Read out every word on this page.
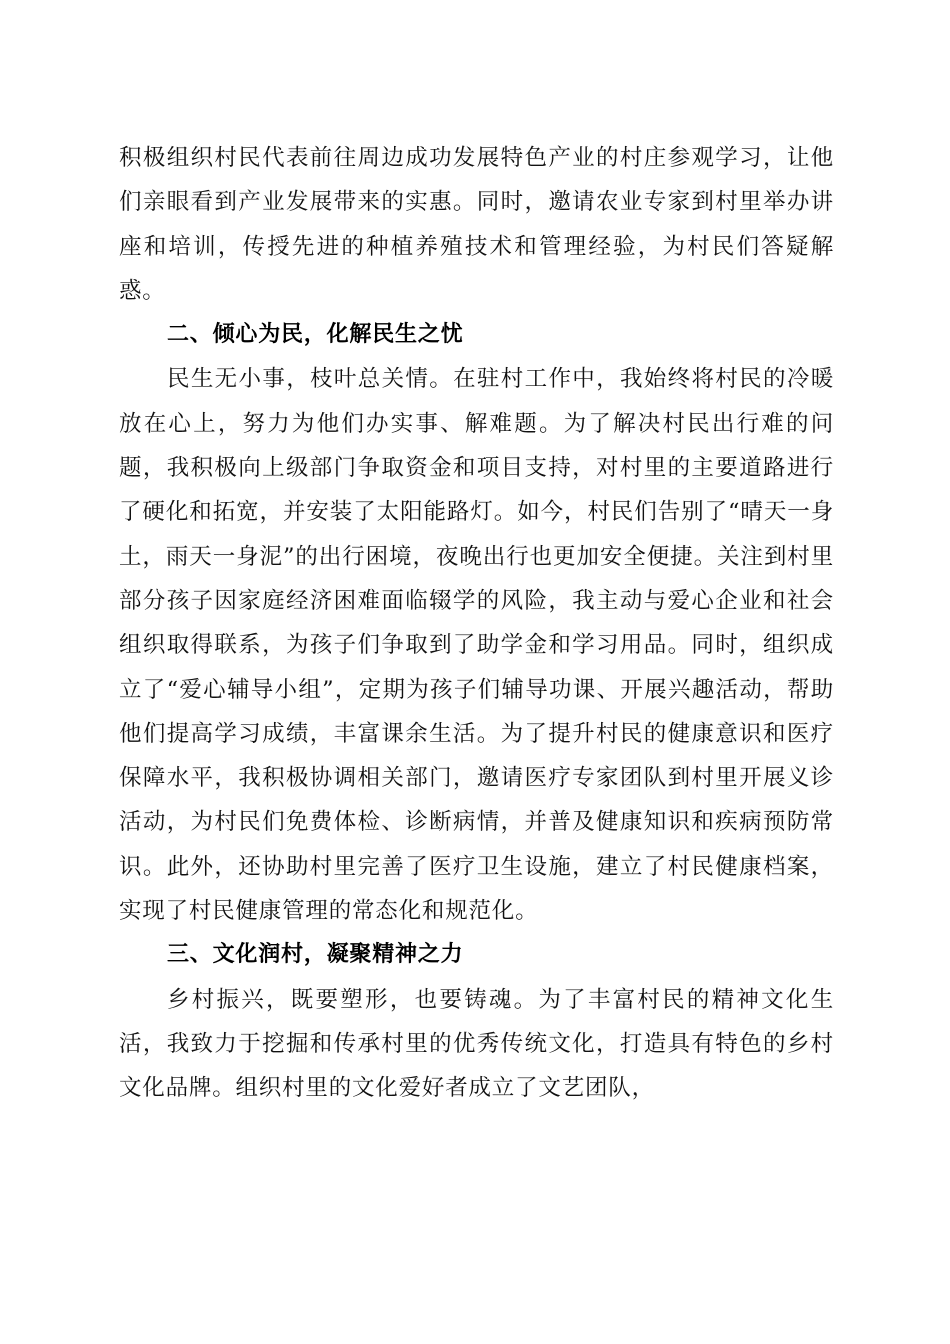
积极组织村民代表前往周边成功发展特色产业的村庄参观学习，让他们亲眼看到产业发展带来的实惠。同时，邀请农业专家到村里举办讲座和培训，传授先进的种植养殖技术和管理经验，为村民们答疑解惑。

二、倾心为民，化解民生之忧

民生无小事，枝叶总关情。在驻村工作中，我始终将村民的冷暖放在心上，努力为他们办实事、解难题。为了解决村民出行难的问题，我积极向上级部门争取资金和项目支持，对村里的主要道路进行了硬化和拓宽，并安装了太阳能路灯。如今，村民们告别了“晴天一身土，雨天一身泥”的出行困境，夜晚出行也更加安全便捷。关注到村里部分孩子因家庭经济困难面临辍学的风险，我主动与爱心企业和社会组织取得联系，为孩子们争取到了助学金和学习用品。同时，组织成立了“爱心辅导小组”，定期为孩子们辅导功课、开展兴趣活动，帮助他们提高学习成绩，丰富课余生活。为了提升村民的健康意识和医疗保障水平，我积极协调相关部门，邀请医疗专家团队到村里开展义诊活动，为村民们免费体检、诊断病情，并普及健康知识和疾病预防常识。此外，还协助村里完善了医疗卫生设施，建立了村民健康档案，实现了村民健康管理的常态化和规范化。

三、文化润村，凝聚精神之力

乡村振兴，既要塑形，也要铸魂。为了丰富村民的精神文化生活，我致力于挖掘和传承村里的优秀传统文化，打造具有特色的乡村文化品牌。组织村里的文化爱好者成立了文艺团队，
